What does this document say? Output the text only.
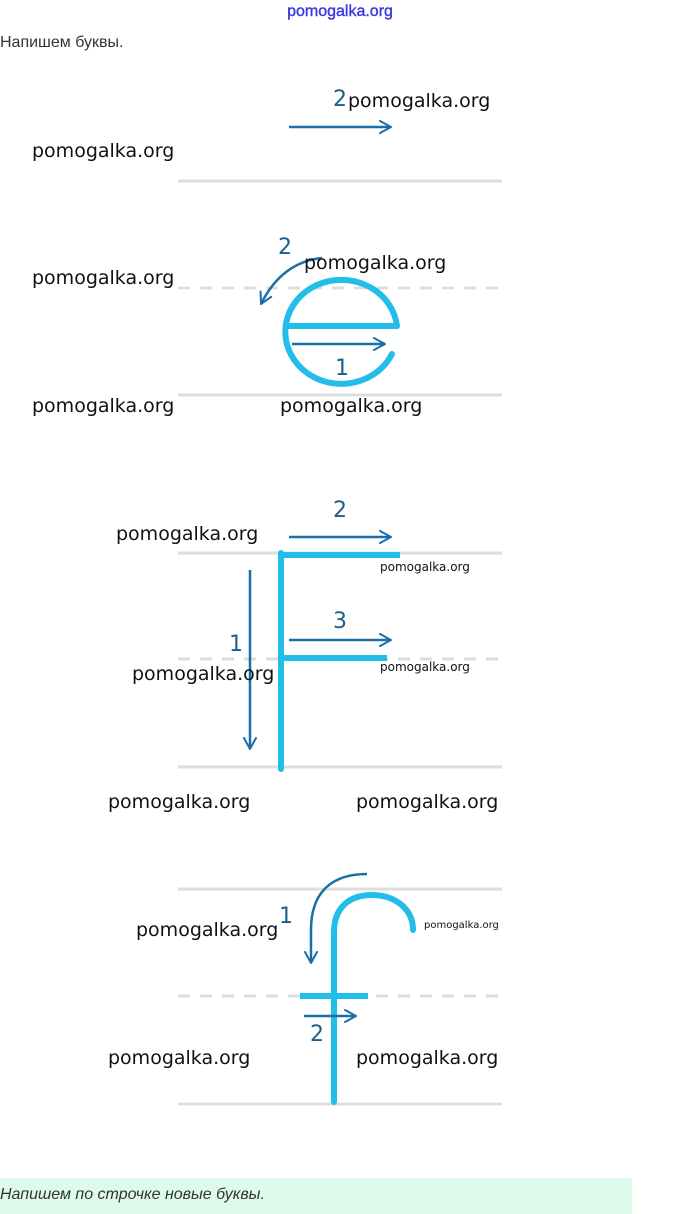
pomogalka.org
Напишем буквы.
2
2
1
2
1
3
1
2
pomogalka.org
pomogalka.org
pomogalka.org
pomogalka.org
pomogalka.org	pomogalka.org
pomogalka.org
pomogalka.org
pomogalka.org	pomogalka.org
pomogalka.org	pomogalka.org
pomogalka.org	pomogalka.org
pomogalka.org	pomogalka.org
Напишем по строчке новые буквы.
